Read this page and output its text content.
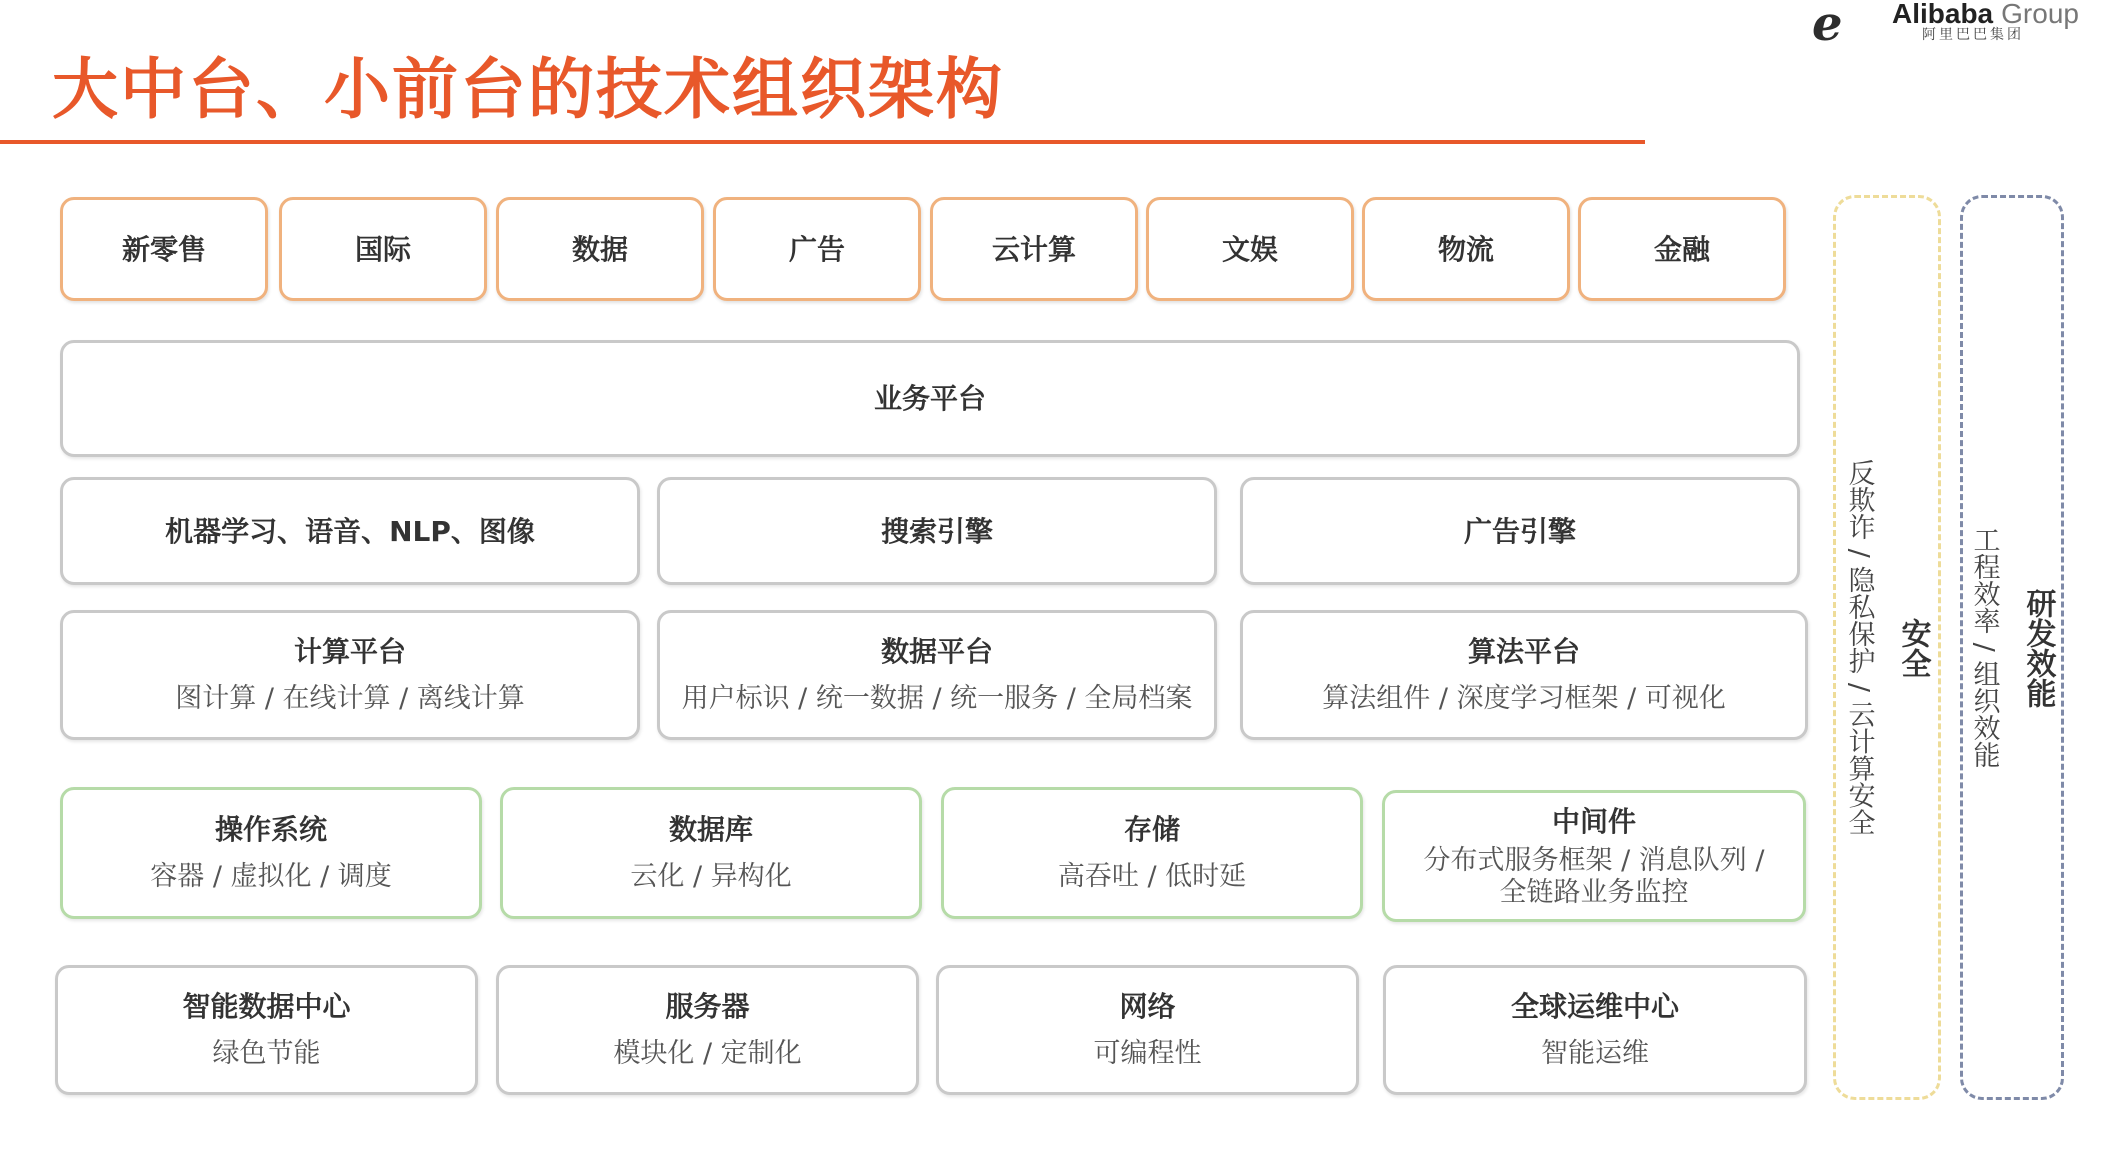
大中台、小前台的技术组织架构
e Alibaba Group
阿里巴巴集团
新零售	国际	数据	广告	云计算	文娱	物流	金融
业务平台
机器学习、语音、NLP、图像	搜索引擎	广告引擎
计算平台
图计算 / 在线计算 / 离线计算
数据平台
用户标识 / 统一数据 / 统一服务 / 全局档案
算法平台
算法组件 / 深度学习框架 / 可视化
操作系统
容器 / 虚拟化 / 调度
数据库
云化 / 异构化
存储
高吞吐 / 低时延
中间件
分布式服务框架 / 消息队列 /全链路业务监控
智能数据中心
绿色节能
服务器
模块化 / 定制化
网络
可编程性
全球运维中心
智能运维
安全
反欺诈 / 隐私保护 / 云计算安全	研发效能
工程效率 / 组织效能
